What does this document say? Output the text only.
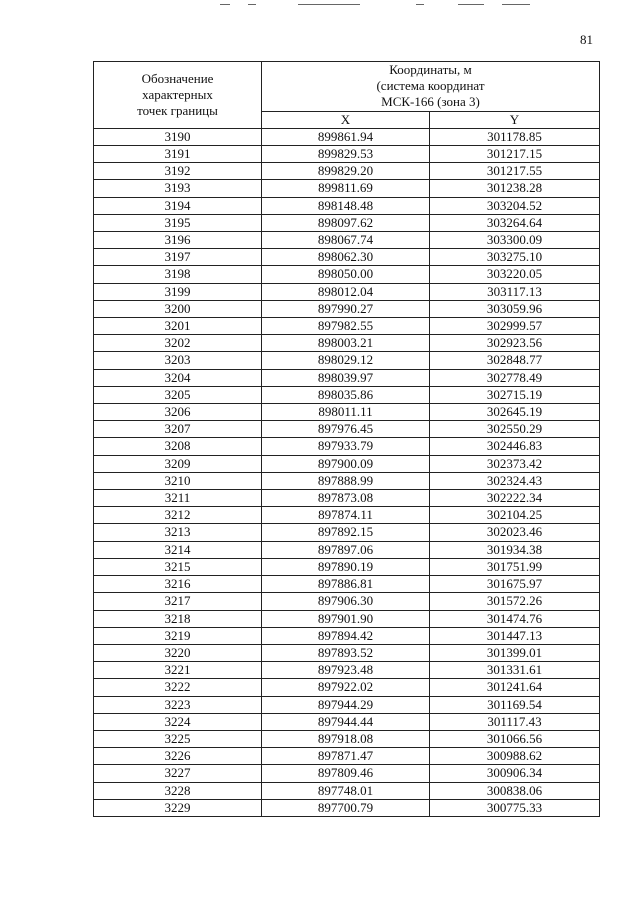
81
Обозначение
характерных
точек границы	Координаты, м
(система координат
МСК-166 (зона 3)	

	X	Y
3190	899861.94	301178.85
3191	899829.53	301217.15
3192	899829.20	301217.55
3193	899811.69	301238.28
3194	898148.48	303204.52
3195	898097.62	303264.64
3196	898067.74	303300.09
3197	898062.30	303275.10
3198	898050.00	303220.05
3199	898012.04	303117.13
3200	897990.27	303059.96
3201	897982.55	302999.57
3202	898003.21	302923.56
3203	898029.12	302848.77
3204	898039.97	302778.49
3205	898035.86	302715.19
3206	898011.11	302645.19
3207	897976.45	302550.29
3208	897933.79	302446.83
3209	897900.09	302373.42
3210	897888.99	302324.43
3211	897873.08	302222.34
3212	897874.11	302104.25
3213	897892.15	302023.46
3214	897897.06	301934.38
3215	897890.19	301751.99
3216	897886.81	301675.97
3217	897906.30	301572.26
3218	897901.90	301474.76
3219	897894.42	301447.13
3220	897893.52	301399.01
3221	897923.48	301331.61
3222	897922.02	301241.64
3223	897944.29	301169.54
3224	897944.44	301117.43
3225	897918.08	301066.56
3226	897871.47	300988.62
3227	897809.46	300906.34
3228	897748.01	300838.06
3229	897700.79	300775.33
